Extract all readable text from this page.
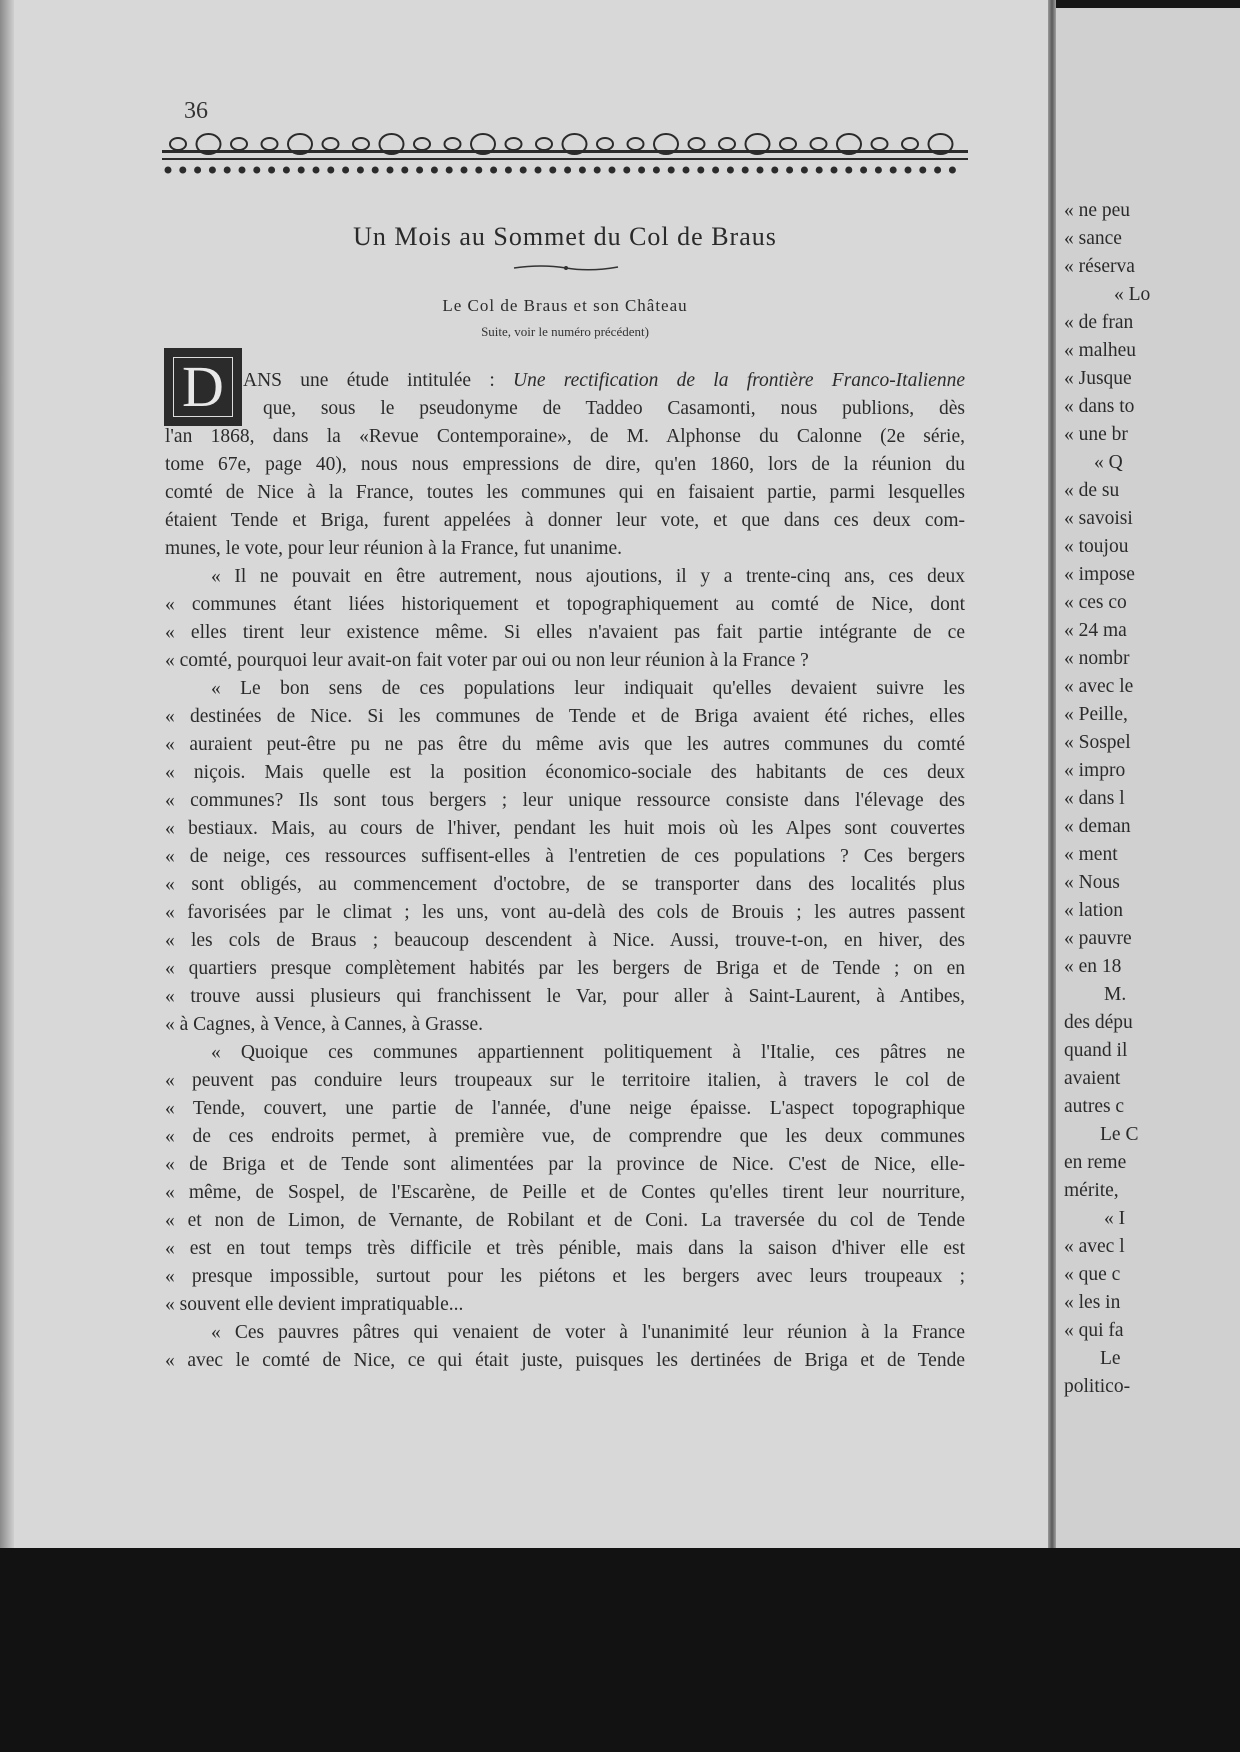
« ne peu
« sance
« réserva
« Lo
« de fran
« malheu
« Jusque
« dans to
« une br
« Q
« de su
« savoisi
« toujou
« impose
« ces co
« 24 ma
« nombr
« avec le
« Peille,
« Sospel
« impro
« dans l
« deman
« ment
« Nous
« lation
« pauvre
« en 18
M.
des dépu
quand il
avaient
autres c
Le C
en reme
mérite,
« I
« avec l
« que c
« les in
« qui fa
Le
politico-
36
Un Mois au Sommet du Col de Braus
Le Col de Braus et son Château
Suite, voir le numéro précédent)
D ANS une étude intitulée : Une rectification de la frontière Franco-Italienne
que, sous le pseudonyme de Taddeo Casamonti, nous publions, dès
l'an 1868, dans la «Revue Contemporaine», de M. Alphonse du Calonne (2e série,
tome 67e, page 40), nous nous empressions de dire, qu'en 1860, lors de la réunion du
comté de Nice à la France, toutes les communes qui en faisaient partie, parmi lesquelles
étaient Tende et Briga, furent appelées à donner leur vote, et que dans ces deux com-
munes, le vote, pour leur réunion à la France, fut unanime.
« Il ne pouvait en être autrement, nous ajoutions, il y a trente-cinq ans, ces deux
« communes étant liées historiquement et topographiquement au comté de Nice, dont
« elles tirent leur existence même. Si elles n'avaient pas fait partie intégrante de ce
« comté, pourquoi leur avait-on fait voter par oui ou non leur réunion à la France ?
« Le bon sens de ces populations leur indiquait qu'elles devaient suivre les
« destinées de Nice. Si les communes de Tende et de Briga avaient été riches, elles
« auraient peut-être pu ne pas être du même avis que les autres communes du comté
« niçois. Mais quelle est la position économico-sociale des habitants de ces deux
« communes? Ils sont tous bergers ; leur unique ressource consiste dans l'élevage des
« bestiaux. Mais, au cours de l'hiver, pendant les huit mois où les Alpes sont couvertes
« de neige, ces ressources suffisent-elles à l'entretien de ces populations ? Ces bergers
« sont obligés, au commencement d'octobre, de se transporter dans des localités plus
« favorisées par le climat ; les uns, vont au-delà des cols de Brouis ; les autres passent
« les cols de Braus ; beaucoup descendent à Nice. Aussi, trouve-t-on, en hiver, des
« quartiers presque complètement habités par les bergers de Briga et de Tende ; on en
« trouve aussi plusieurs qui franchissent le Var, pour aller à Saint-Laurent, à Antibes,
« à Cagnes, à Vence, à Cannes, à Grasse.
« Quoique ces communes appartiennent politiquement à l'Italie, ces pâtres ne
« peuvent pas conduire leurs troupeaux sur le territoire italien, à travers le col de
« Tende, couvert, une partie de l'année, d'une neige épaisse. L'aspect topographique
« de ces endroits permet, à première vue, de comprendre que les deux communes
« de Briga et de Tende sont alimentées par la province de Nice. C'est de Nice, elle-
« même, de Sospel, de l'Escarène, de Peille et de Contes qu'elles tirent leur nourriture,
« et non de Limon, de Vernante, de Robilant et de Coni. La traversée du col de Tende
« est en tout temps très difficile et très pénible, mais dans la saison d'hiver elle est
« presque impossible, surtout pour les piétons et les bergers avec leurs troupeaux ;
« souvent elle devient impratiquable...
« Ces pauvres pâtres qui venaient de voter à l'unanimité leur réunion à la France
« avec le comté de Nice, ce qui était juste, puisques les dertinées de Briga et de Tende
